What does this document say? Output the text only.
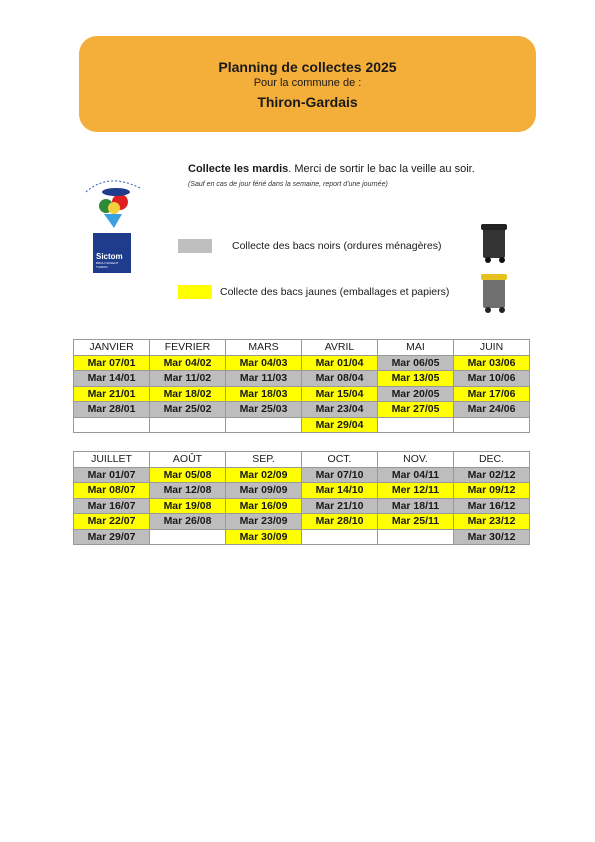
Planning de collectes 2025
Pour la commune de :
Thiron-Gardais
Sictom
BROU NOGENT THIRON
Collecte les mardis. Merci de sortir le bac la veille au soir.
(Sauf en cas de jour férié dans la semaine, report d'une journée)
Collecte des bacs noirs (ordures ménagères)
Collecte des bacs jaunes (emballages et papiers)
JANVIER	FEVRIER	MARS	AVRIL	MAI	JUIN
Mar 07/01	Mar 04/02	Mar 04/03	Mar 01/04	Mar 06/05	Mar 03/06
Mar 14/01	Mar 11/02	Mar 11/03	Mar 08/04	Mar 13/05	Mar 10/06
Mar 21/01	Mar 18/02	Mar 18/03	Mar 15/04	Mar 20/05	Mar 17/06
Mar 28/01	Mar 25/02	Mar 25/03	Mar 23/04	Mar 27/05	Mar 24/06
			Mar 29/04		
JUILLET	AOÛT	SEP.	OCT.	NOV.	DEC.
Mar 01/07	Mar 05/08	Mar 02/09	Mar 07/10	Mar 04/11	Mar 02/12
Mar 08/07	Mar 12/08	Mar 09/09	Mar 14/10	Mer 12/11	Mar 09/12
Mar 16/07	Mar 19/08	Mar 16/09	Mar 21/10	Mar 18/11	Mar 16/12
Mar 22/07	Mar 26/08	Mar 23/09	Mar 28/10	Mar 25/11	Mar 23/12
Mar 29/07		Mar 30/09			Mar 30/12
